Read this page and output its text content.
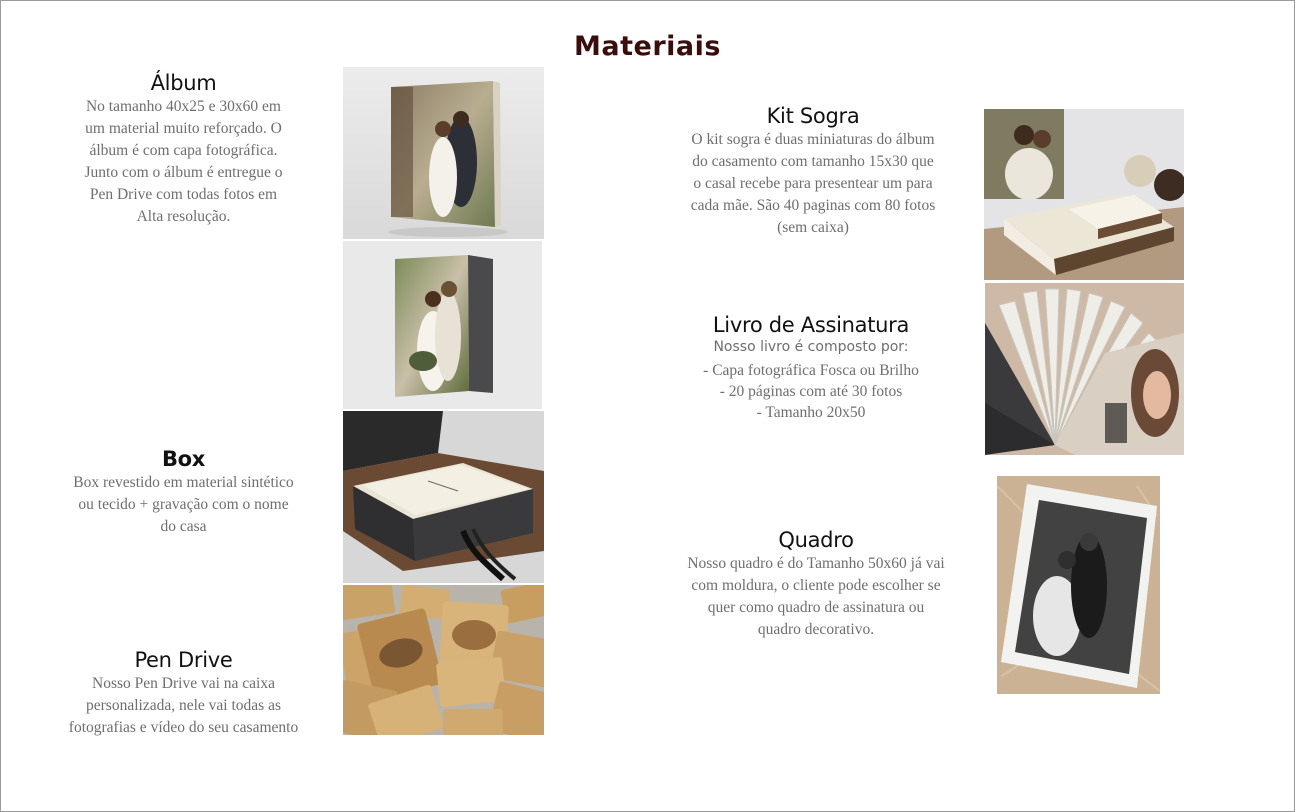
Materiais
Álbum

No tamanho 40x25 e 30x60 em
um material muito reforçado. O
álbum é com capa fotográfica.
Junto com o álbum é entregue o
Pen Drive com todas fotos em
Alta resolução.

Box

Box revestido em material sintético
ou tecido + gravação com o nome
do casa

Pen Drive

Nosso Pen Drive vai na caixa
personalizada, nele vai todas as
fotografias e vídeo do seu casamento

Kit Sogra

O kit sogra é duas miniaturas do álbum
do casamento com tamanho 15x30 que
o casal recebe para presentear um para
cada mãe. São 40 paginas com 80 fotos
(sem caixa)

Livro de Assinatura

Nosso livro é composto por:

- Capa fotográfica Fosca ou Brilho
- 20 páginas com até 30 fotos
- Tamanho 20x50

Quadro

Nosso quadro é do Tamanho 50x60 já vai
com moldura, o cliente pode escolher se
quer como quadro de assinatura ou
quadro decorativo.
